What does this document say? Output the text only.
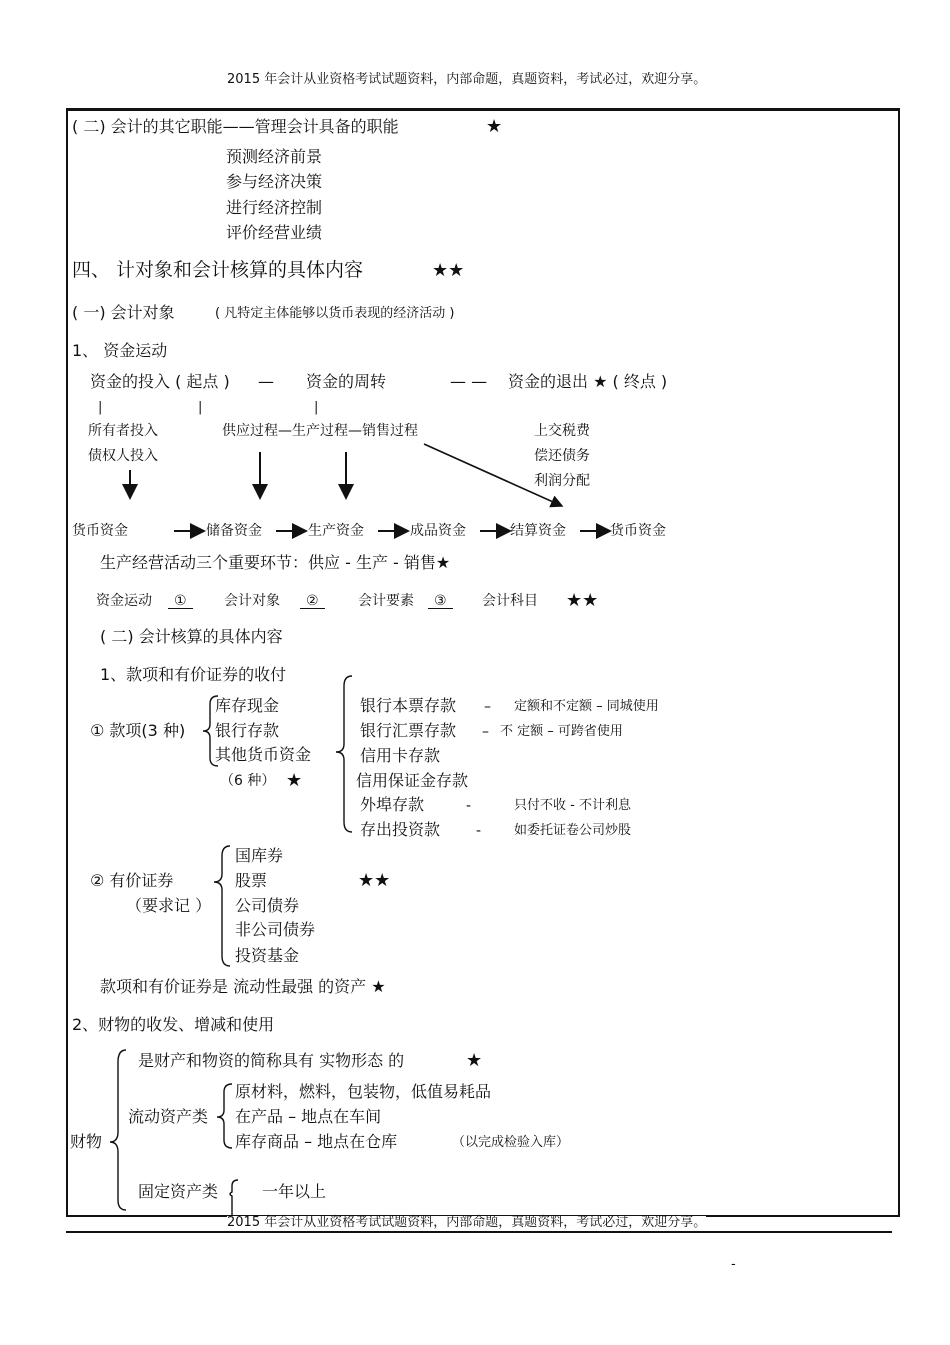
2015 年会计从业资格考试试题资料，内部命题，真题资料，考试必过，欢迎分享。
( 二) 会计的其它职能——管理会计具备的职能	★
预测经济前景
参与经济决策
进行经济控制
评价经营业绩
四、 计对象和会计核算的具体内容	★★
( 一) 会计对象	( 凡特定主体能够以货币表现的经济活动 )
1、 资金运动
资金的投入 ( 起点 ) — 资金的周转	— — 资金的退出 ★ ( 终点 )
|	|	|
所有者投入
债权人投入
供应过程—生产过程—销售过程	上交税费
偿还债务
利润分配
货币资金	储备资金	生产资金	成品资金	结算资金	货币资金
生产经营活动三个重要环节：供应 - 生产 - 销售★
资金运动	①	会计对象	②	会计要素	③	会计科目 ★★
( 二) 会计核算的具体内容
1、款项和有价证券的收付
① 款项(3 种)
库存现金
银行存款
其他货币资金
（6 种） ★
银行本票存款 – 定额和不定额 – 同城使用
银行汇票存款 – 不 定额 – 可跨省使用
信用卡存款
信用保证金存款
外埠存款	-	只付不收 - 不计利息
存出投资款	-	如委托证卷公司炒股
② 有价证券
（要求记 ）
国库券
股票
公司债券
非公司债券
投资基金
★★
款项和有价证券是 流动性最强 的资产 ★
2、财物的收发、增减和使用
财物
是财产和物资的简称具有 实物形态 的	★
流动资产类
原材料，燃料，包装物，低值易耗品
在产品 – 地点在车间
库存商品 – 地点在仓库	（以完成检验入库）
固定资产类	一年以上
2015 年会计从业资格考试试题资料，内部命题，真题资料，考试必过，欢迎分享。
-
